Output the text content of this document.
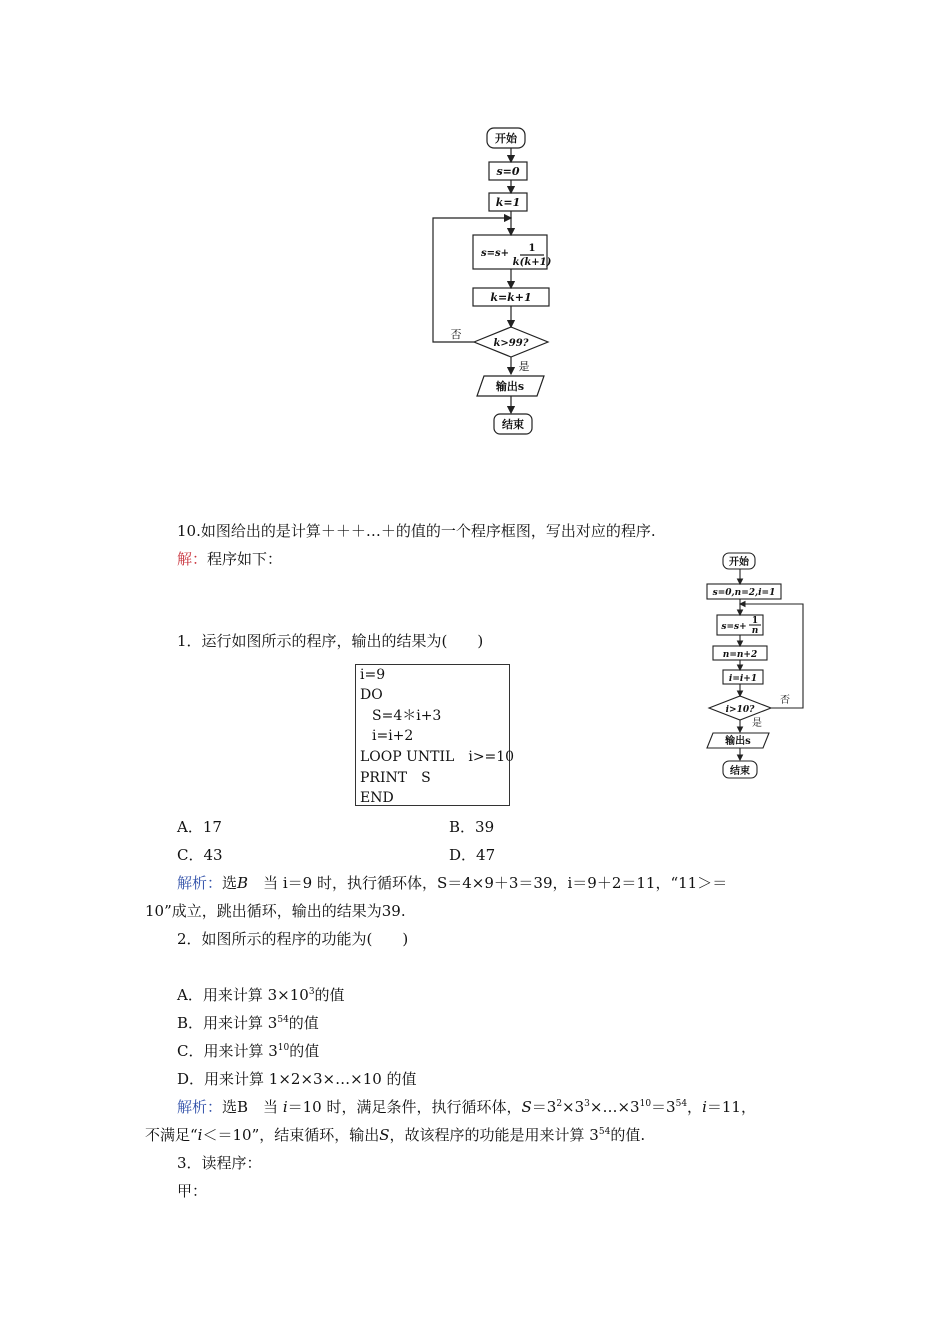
开始
s=0
k=1
s=s+ 1
k(k+1)
k=k+1
k>99?
否
是
输出s
结束
10.如图给出的是计算＋＋＋…＋的值的一个程序框图，写出对应的程序.
解：程序如下：	开始
s=0,n=2,i=1
s=s+
1
n
n=n+2
i=i+1
i>10?
否
是
输出s
结束
1．运行如图所示的程序，输出的结果为(　　)
i=9
DO
S=4＊i+3
i=i+2
LOOP UNTIL　i>=10
PRINT　S
END
A．17	B．39
C．43	D．47
解析：选B　当 i＝9 时，执行循环体，S＝4×9＋3＝39，i＝9＋2＝11，“11＞＝
10”成立，跳出循环，输出的结果为39.
2．如图所示的程序的功能为(　　)
A．用来计算 $3\times 10^3$的值
B．用来计算 $3^{54}$的值
C．用来计算 $3^{10}$的值
D．用来计算 1×2×3×…×10 的值
解析：选B　当 i＝10 时，满足条件，执行循环体，$S=3^2\times 3^3\times\dots\times 3^{10}=3^{54}$，i＝11，
不满足“i＜＝10”，结束循环，输出S，故该程序的功能是用来计算 $3^{54}$的值.
3．读程序：
甲：
